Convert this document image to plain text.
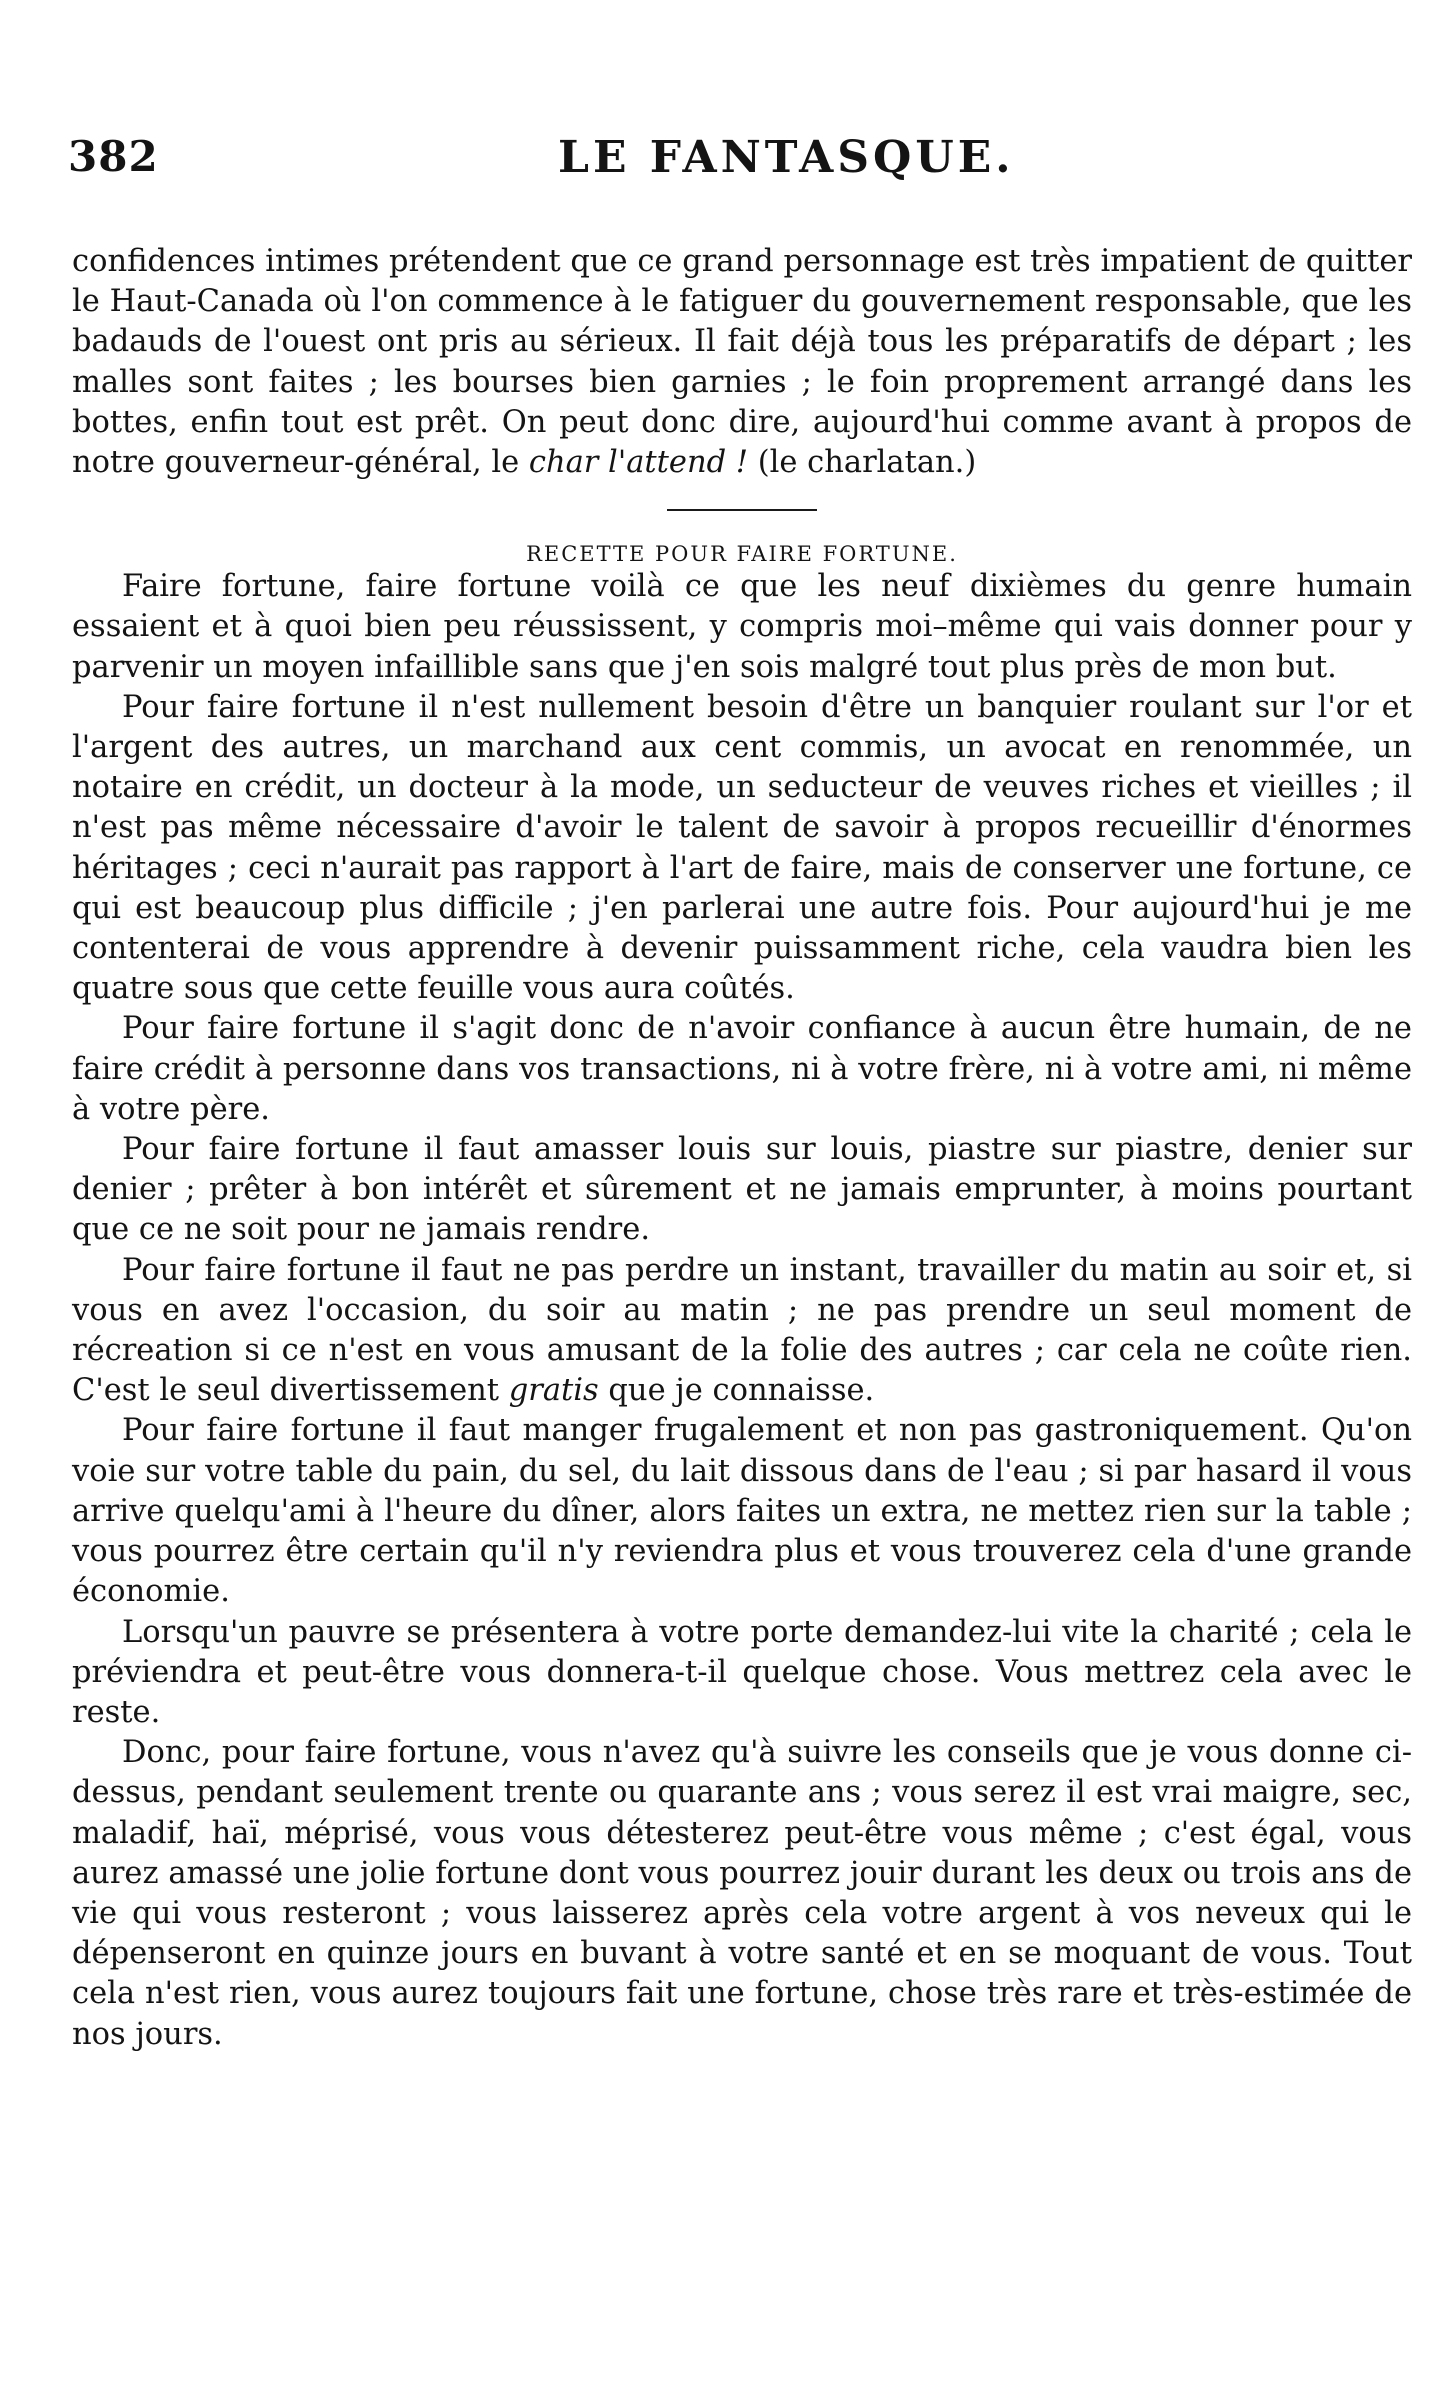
382	LE FANTASQUE.

confidences intimes prétendent que ce grand personnage est très impatient de quitter le Haut-Canada où l'on commence à le fatiguer du gouvernement responsable, que les badauds de l'ouest ont pris au sérieux. Il fait déjà tous les préparatifs de départ ; les malles sont faites ; les bourses bien garnies ; le foin proprement arrangé dans les bottes, enfin tout est prêt. On peut donc dire, aujourd'hui comme avant à propos de notre gouverneur-général, le char l'attend ! (le charlatan.)

RECETTE POUR FAIRE FORTUNE.

Faire fortune, faire fortune voilà ce que les neuf dixièmes du genre humain essaient et à quoi bien peu réussissent, y compris moi–même qui vais donner pour y parvenir un moyen infaillible sans que j'en sois malgré tout plus près de mon but.

Pour faire fortune il n'est nullement besoin d'être un banquier roulant sur l'or et l'argent des autres, un marchand aux cent commis, un avocat en renommée, un notaire en crédit, un docteur à la mode, un seducteur de veuves riches et vieilles ; il n'est pas même nécessaire d'avoir le talent de savoir à propos recueillir d'énormes héritages ; ceci n'aurait pas rapport à l'art de faire, mais de conserver une fortune, ce qui est beaucoup plus difficile ; j'en parlerai une autre fois. Pour aujourd'hui je me contenterai de vous apprendre à devenir puissamment riche, cela vaudra bien les quatre sous que cette feuille vous aura coûtés.

Pour faire fortune il s'agit donc de n'avoir confiance à aucun être humain, de ne faire crédit à personne dans vos transactions, ni à votre frère, ni à votre ami, ni même à votre père.

Pour faire fortune il faut amasser louis sur louis, piastre sur piastre, denier sur denier ; prêter à bon intérêt et sûrement et ne jamais emprunter, à moins pourtant que ce ne soit pour ne jamais rendre.

Pour faire fortune il faut ne pas perdre un instant, travailler du matin au soir et, si vous en avez l'occasion, du soir au matin ; ne pas prendre un seul moment de récreation si ce n'est en vous amusant de la folie des autres ; car cela ne coûte rien. C'est le seul divertissement gratis que je connaisse.

Pour faire fortune il faut manger frugalement et non pas gastroniquement. Qu'on voie sur votre table du pain, du sel, du lait dissous dans de l'eau ; si par hasard il vous arrive quelqu'ami à l'heure du dîner, alors faites un extra, ne mettez rien sur la table ; vous pourrez être certain qu'il n'y reviendra plus et vous trouverez cela d'une grande économie.

Lorsqu'un pauvre se présentera à votre porte demandez-lui vite la charité ; cela le préviendra et peut-être vous donnera-t-il quelque chose. Vous mettrez cela avec le reste.

Donc, pour faire fortune, vous n'avez qu'à suivre les conseils que je vous donne ci-dessus, pendant seulement trente ou quarante ans ; vous serez il est vrai maigre, sec, maladif, haï, méprisé, vous vous détesterez peut-être vous même ; c'est égal, vous aurez amassé une jolie fortune dont vous pourrez jouir durant les deux ou trois ans de vie qui vous resteront ; vous laisserez après cela votre argent à vos neveux qui le dépenseront en quinze jours en buvant à votre santé et en se moquant de vous. Tout cela n'est rien, vous aurez toujours fait une fortune, chose très rare et très-estimée de nos jours.
